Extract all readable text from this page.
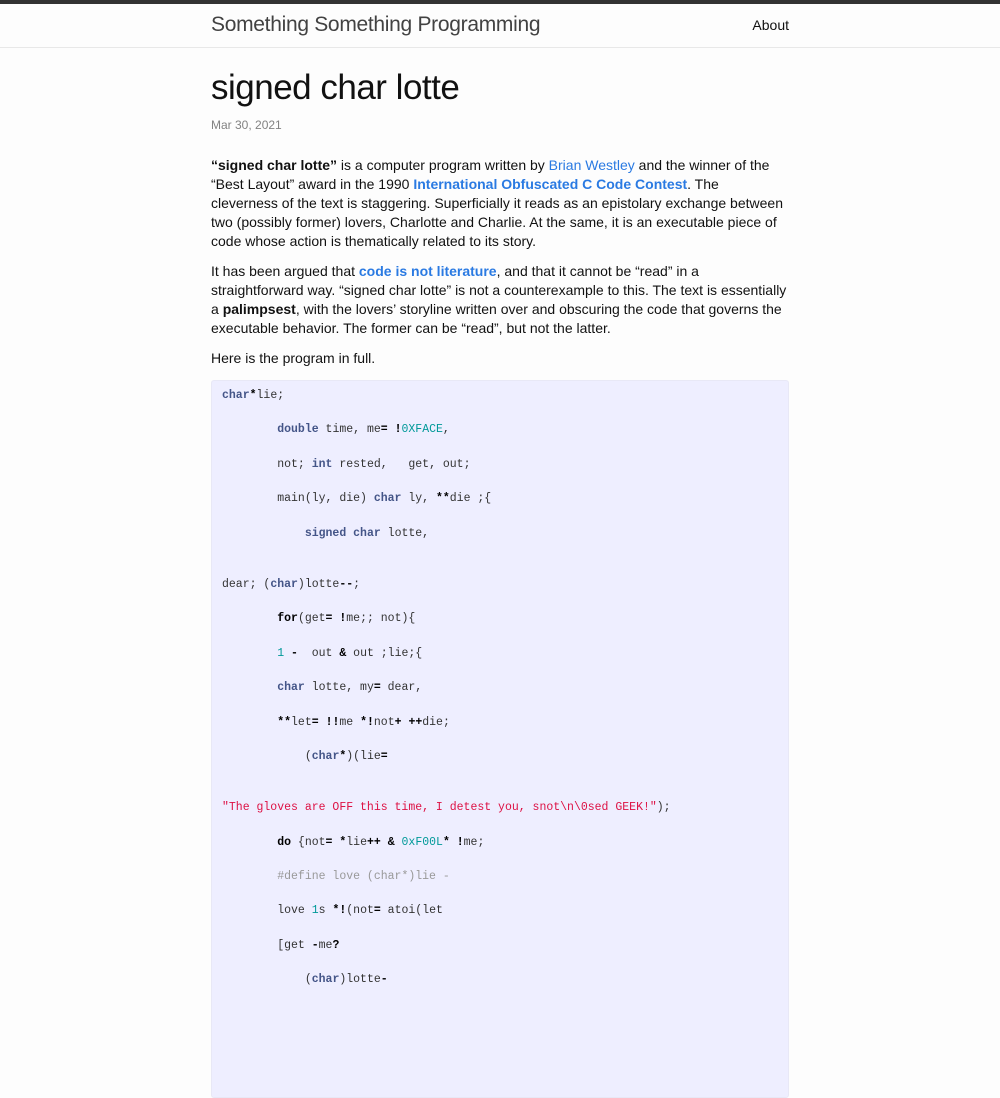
Something Something Programming	About
signed char lotte
Mar 30, 2021

“signed char lotte” is a computer program written by Brian Westley and the winner of the “Best Layout” award in the 1990 International Obfuscated C Code Contest. The cleverness of the text is staggering. Superficially it reads as an epistolary exchange between two (possibly former) lovers, Charlotte and Charlie. At the same, it is an executable piece of code whose action is thematically related to its story.

It has been argued that code is not literature, and that it cannot be “read” in a straightforward way. “signed char lotte” is not a counterexample to this. The text is essentially a palimpsest, with the lovers’ storyline written over and obscuring the code that governs the executable behavior. The former can be “read”, but not the latter.

Here is the program in full.

char*lie;
double time, me= !0XFACE,
not; int rested,   get, out;
main(ly, die) char ly, **die ;{
signed char lotte,
dear; (char)lotte--;
for(get= !me;; not){
1 -  out & out ;lie;{
char lotte, my= dear,
**let= !!me *!not+ ++die;
(char*)(lie=
"The gloves are OFF this time, I detest you, snot\n\0sed GEEK!");
do {not= *lie++ & 0xF00L* !me;
#define love (char*)lie -
love 1s *!(not= atoi(let
[get -me?
(char)lotte-
